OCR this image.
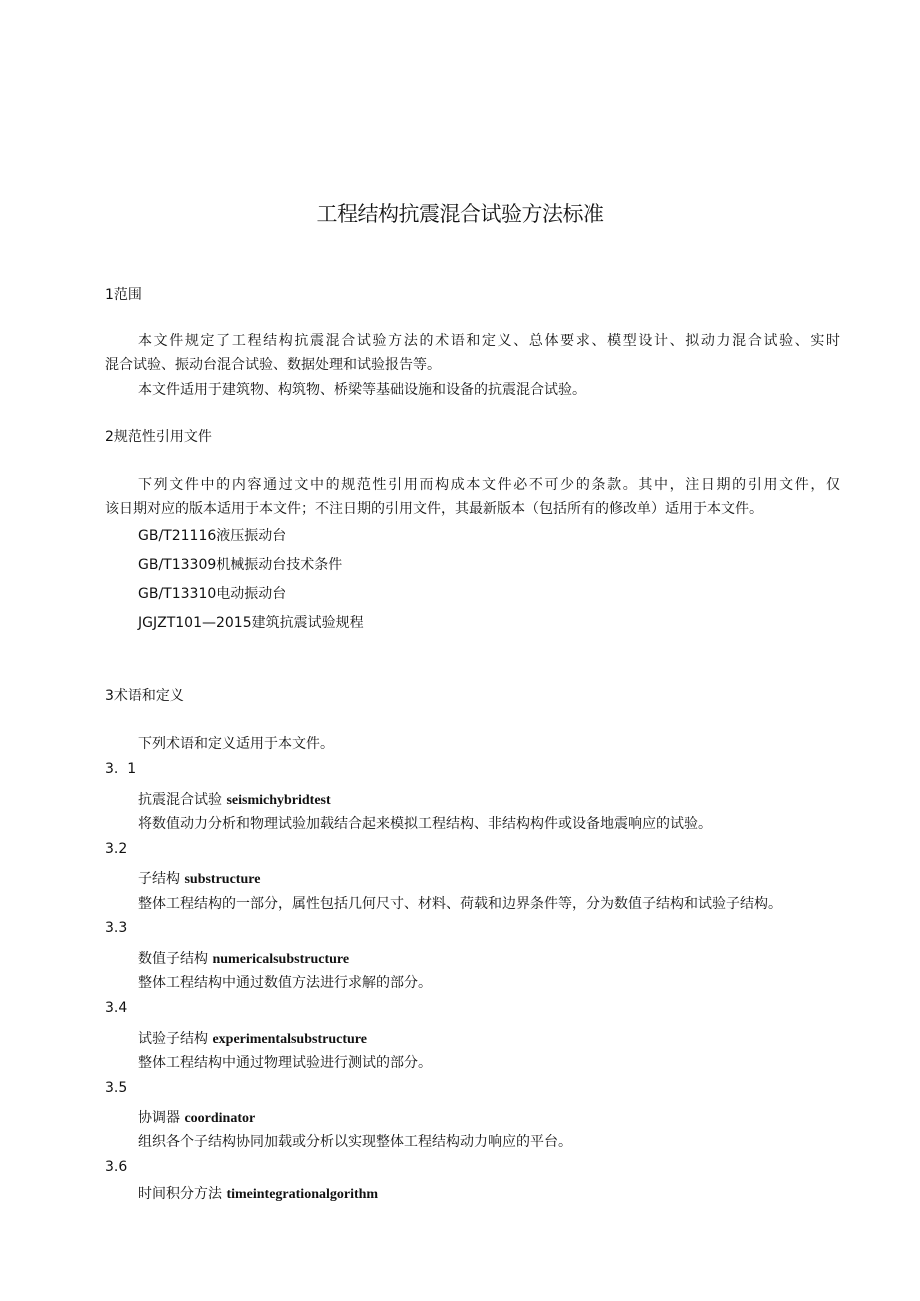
工程结构抗震混合试验方法标准
1范围
本文件规定了工程结构抗震混合试验方法的术语和定义、总体要求、模型设计、拟动力混合试验、实时
混合试验、振动台混合试验、数据处理和试验报告等。
本文件适用于建筑物、构筑物、桥梁等基础设施和设备的抗震混合试验。
2规范性引用文件
下列文件中的内容通过文中的规范性引用而构成本文件必不可少的条款。其中，注日期的引用文件，仅
该日期对应的版本适用于本文件；不注日期的引用文件，其最新版本（包括所有的修改单）适用于本文件。
GB/T21116液压振动台
GB/T13309机械振动台技术条件
GB/T13310电动振动台
JGJZT101—2015建筑抗震试验规程
3术语和定义
下列术语和定义适用于本文件。
3.  1
抗震混合试验 seismichybridtest
将数值动力分析和物理试验加载结合起来模拟工程结构、非结构构件或设备地震响应的试验。
3.2
子结构 substructure
整体工程结构的一部分，属性包括几何尺寸、材料、荷载和边界条件等，分为数值子结构和试验子结构。
3.3
数值子结构 numericalsubstructure
整体工程结构中通过数值方法进行求解的部分。
3.4
试验子结构 experimentalsubstructure
整体工程结构中通过物理试验进行测试的部分。
3.5
协调器 coordinator
组织各个子结构协同加载或分析以实现整体工程结构动力响应的平台。
3.6
时间积分方法 timeintegrationalgorithm
